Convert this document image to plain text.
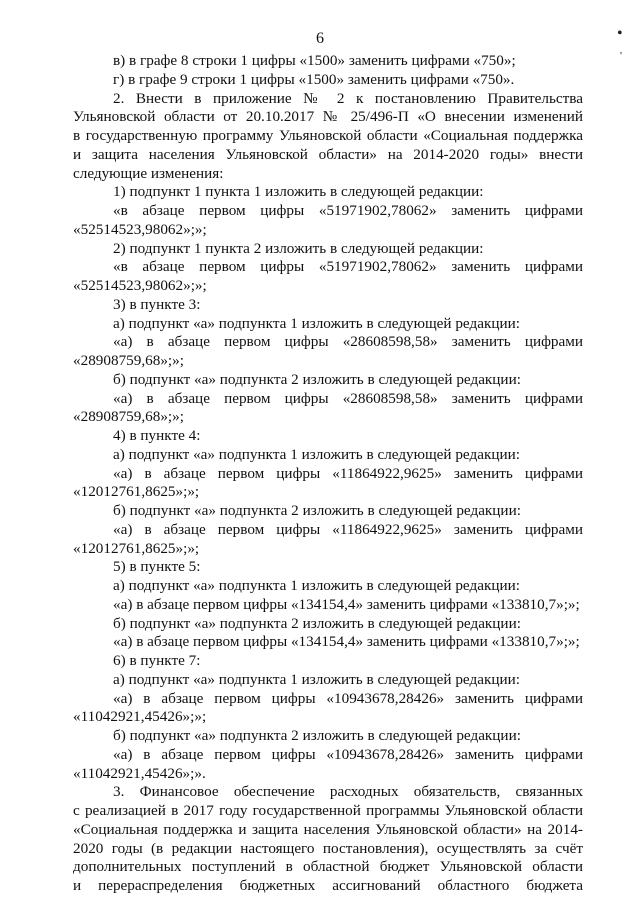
6	•
'

в) в графе 8 строки 1 цифры «1500» заменить цифрами «750»;

г) в графе 9 строки 1 цифры «1500» заменить цифрами «750».

2. Внести в приложение № 2 к постановлению Правительства

Ульяновской области от 20.10.2017 № 25/496-П «О внесении изменений

в государственную программу Ульяновской области «Социальная поддержка

и защита населения Ульяновской области» на 2014-2020 годы» внести

следующие изменения:

1) подпункт 1 пункта 1 изложить в следующей редакции:

«в абзаце первом цифры «51971902,78062» заменить цифрами

«52514523,98062»;»;

2) подпункт 1 пункта 2 изложить в следующей редакции:

«в абзаце первом цифры «51971902,78062» заменить цифрами

«52514523,98062»;»;

3) в пункте 3:

а) подпункт «а» подпункта 1 изложить в следующей редакции:

«а) в абзаце первом цифры «28608598,58» заменить цифрами

«28908759,68»;»;

б) подпункт «а» подпункта 2 изложить в следующей редакции:

«а) в абзаце первом цифры «28608598,58» заменить цифрами

«28908759,68»;»;

4) в пункте 4:

а) подпункт «а» подпункта 1 изложить в следующей редакции:

«а) в абзаце первом цифры «11864922,9625» заменить цифрами

«12012761,8625»;»;

б) подпункт «а» подпункта 2 изложить в следующей редакции:

«а) в абзаце первом цифры «11864922,9625» заменить цифрами

«12012761,8625»;»;

5) в пункте 5:

а) подпункт «а» подпункта 1 изложить в следующей редакции:

«а) в абзаце первом цифры «134154,4» заменить цифрами «133810,7»;»;

б) подпункт «а» подпункта 2 изложить в следующей редакции:

«а) в абзаце первом цифры «134154,4» заменить цифрами «133810,7»;»;

6) в пункте 7:

а) подпункт «а» подпункта 1 изложить в следующей редакции:

«а) в абзаце первом цифры «10943678,28426» заменить цифрами

«11042921,45426»;»;

б) подпункт «а» подпункта 2 изложить в следующей редакции:

«а) в абзаце первом цифры «10943678,28426» заменить цифрами

«11042921,45426»;».

3. Финансовое обеспечение расходных обязательств, связанных

с реализацией в 2017 году государственной программы Ульяновской области

«Социальная поддержка и защита населения Ульяновской области» на 2014-

2020 годы (в редакции настоящего постановления), осуществлять за счёт

дополнительных поступлений в областной бюджет Ульяновской области

и перераспределения бюджетных ассигнований областного бюджета
